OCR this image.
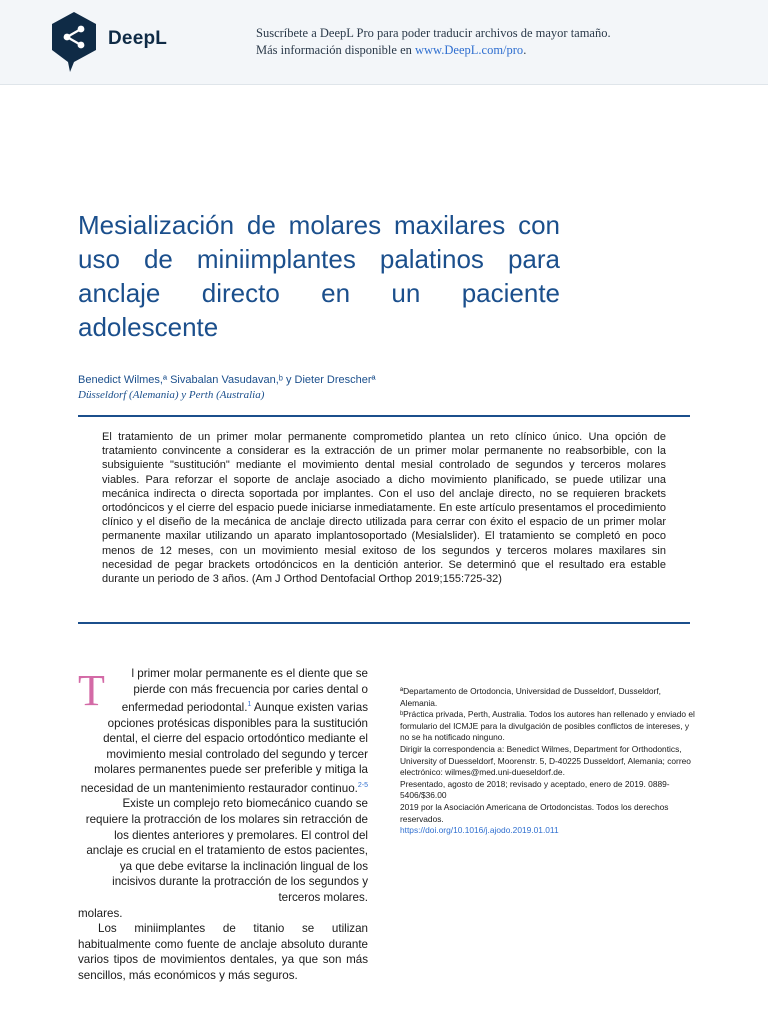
DeepL	Suscríbete a DeepL Pro para poder traducir archivos de mayor tamaño.
Más información disponible en www.DeepL.com/pro.
Mesialización de molares maxilares con uso de miniimplantes palatinos para anclaje directo en un paciente adolescente
Benedict Wilmes,ª Sivabalan Vasudavan,ᵇ y Dieter Drescherª
Düsseldorf (Alemania) y Perth (Australia)
El tratamiento de un primer molar permanente comprometido plantea un reto clínico único. Una opción de tratamiento convincente a considerar es la extracción de un primer molar permanente no reabsorbible, con la subsiguiente "sustitución" mediante el movimiento dental mesial controlado de segundos y terceros molares viables. Para reforzar el soporte de anclaje asociado a dicho movimiento planificado, se puede utilizar una mecánica indirecta o directa soportada por implantes. Con el uso del anclaje directo, no se requieren brackets ortodóncicos y el cierre del espacio puede iniciarse inmediatamente. En este artículo presentamos el procedimiento clínico y el diseño de la mecánica de anclaje directo utilizada para cerrar con éxito el espacio de un primer molar permanente maxilar utilizando un aparato implantosoportado (Mesialslider). El tratamiento se completó en poco menos de 12 meses, con un movimiento mesial exitoso de los segundos y terceros molares maxilares sin necesidad de pegar brackets ortodóncicos en la dentición anterior. Se determinó que el resultado era estable durante un periodo de 3 años. (Am J Orthod Dentofacial Orthop 2019;155:725-32)
T l primer molar permanente es el diente que se pierde con más frecuencia por caries dental o enfermedad periodontal.$^1$ Aunque existen varias opciones protésicas disponibles para la sustitución dental, el cierre del espacio ortodóntico mediante el movimiento mesial controlado del segundo y tercer molares permanentes puede ser preferible y mitiga la necesidad de un mantenimiento restaurador continuo.$^{2-5}$ Existe un complejo reto biomecánico cuando se requiere la protracción de los molares sin retracción de los dientes anteriores y premolares. El control del anclaje es crucial en el tratamiento de estos pacientes, ya que debe evitarse la inclinación lingual de los incisivos durante la protracción de los segundos y terceros molares.
molares.
Los miniimplantes de titanio se utilizan habitualmente como fuente de anclaje absoluto durante varios tipos de movimientos dentales, ya que son más sencillos, más económicos y más seguros.
ªDepartamento de Ortodoncia, Universidad de Dusseldorf, Dusseldorf, Alemania.
ᵇPráctica privada, Perth, Australia. Todos los autores han rellenado y enviado el formulario del ICMJE para la divulgación de posibles conflictos de intereses, y no se ha notificado ninguno.
Dirigir la correspondencia a: Benedict Wilmes, Department for Orthodontics, University of Duesseldorf, Moorenstr. 5, D-40225 Dusseldorf, Alemania; correo electrónico: wilmes@med.uni-dueseldorf.de.
Presentado, agosto de 2018; revisado y aceptado, enero de 2019. 0889-5406/$36.00
2019 por la Asociación Americana de Ortodoncistas. Todos los derechos reservados.
https://doi.org/10.1016/j.ajodo.2019.01.011
